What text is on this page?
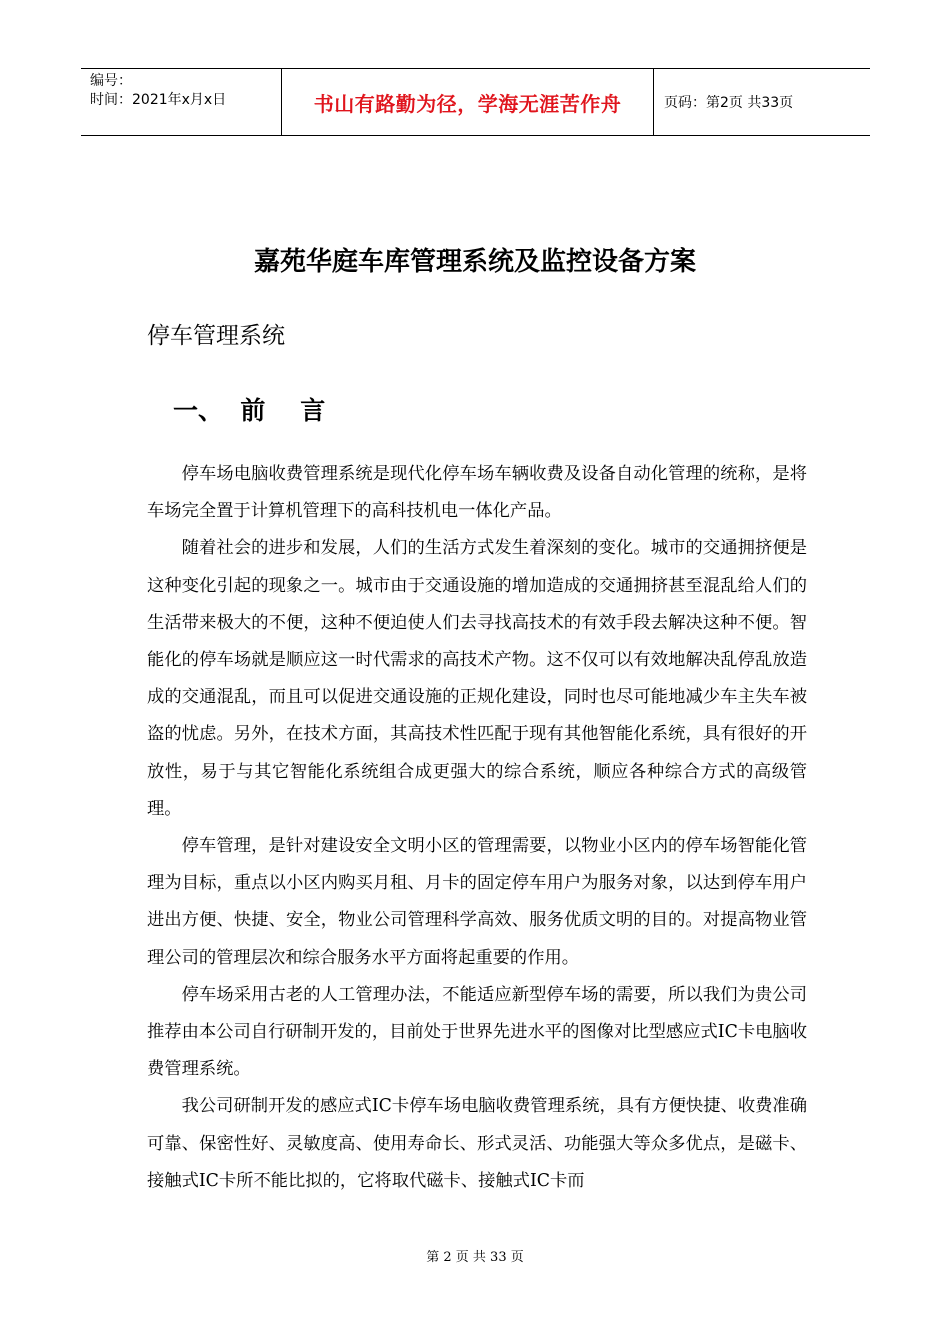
编号：
时间：2021年x月x日	书山有路勤为径，学海无涯苦作舟	页码：第2页 共33页
嘉苑华庭车库管理系统及监控设备方案
停车管理系统
一、  前    言

停车场电脑收费管理系统是现代化停车场车辆收费及设备自动化管理的统称，是将车场完全置于计算机管理下的高科技机电一体化产品。

随着社会的进步和发展，人们的生活方式发生着深刻的变化。城市的交通拥挤便是这种变化引起的现象之一。城市由于交通设施的增加造成的交通拥挤甚至混乱给人们的生活带来极大的不便，这种不便迫使人们去寻找高技术的有效手段去解决这种不便。智能化的停车场就是顺应这一时代需求的高技术产物。这不仅可以有效地解决乱停乱放造成的交通混乱，而且可以促进交通设施的正规化建设，同时也尽可能地减少车主失车被盗的忧虑。另外，在技术方面，其高技术性匹配于现有其他智能化系统，具有很好的开放性，易于与其它智能化系统组合成更强大的综合系统，顺应各种综合方式的高级管理。

停车管理，是针对建设安全文明小区的管理需要，以物业小区内的停车场智能化管理为目标，重点以小区内购买月租、月卡的固定停车用户为服务对象，以达到停车用户进出方便、快捷、安全，物业公司管理科学高效、服务优质文明的目的。对提高物业管理公司的管理层次和综合服务水平方面将起重要的作用。

停车场采用古老的人工管理办法，不能适应新型停车场的需要，所以我们为贵公司推荐由本公司自行研制开发的，目前处于世界先进水平的图像对比型感应式IC卡电脑收费管理系统。

我公司研制开发的感应式IC卡停车场电脑收费管理系统，具有方便快捷、收费准确可靠、保密性好、灵敏度高、使用寿命长、形式灵活、功能强大等众多优点，是磁卡、接触式IC卡所不能比拟的，它将取代磁卡、接触式IC卡而

第 2 页 共 33 页
